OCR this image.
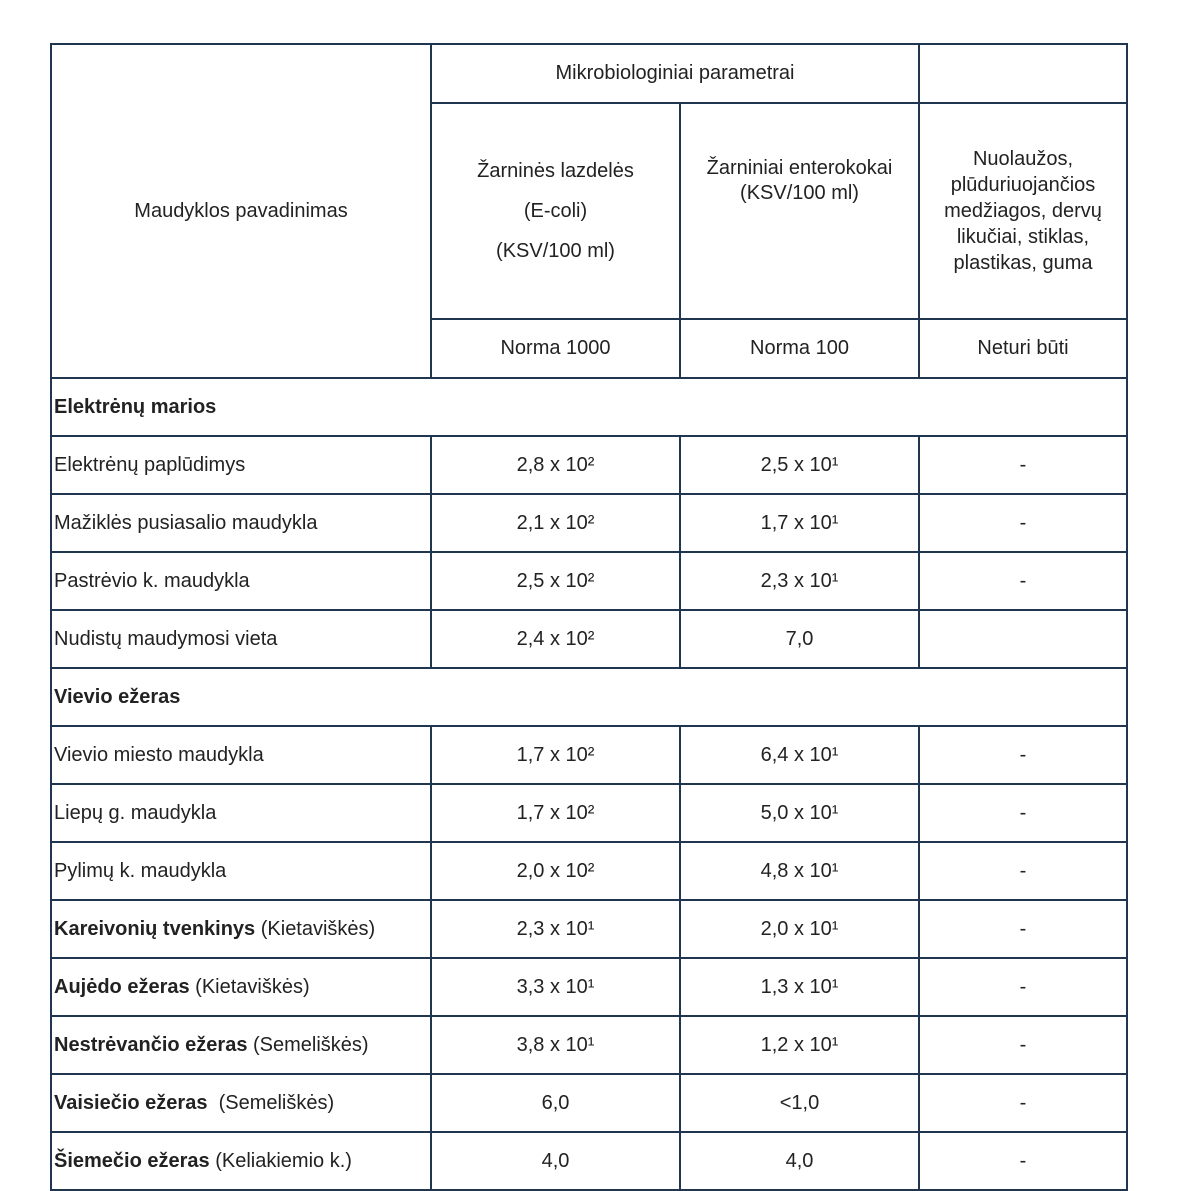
Maudyklos pavadinimas	Mikrobiologiniai parametrai		

	Žarninės lazdelės
(E-coli)
(KSV/100 ml)	Žarniniai enterokokai
(KSV/100 ml)	Nuolaužos,
plūduriuojančios
medžiagos, dervų
likučiai, stiklas,
plastikas, guma

	Norma 1000	Norma 100	Neturi būti
Elektrėnų marios			
Elektrėnų paplūdimys	2,8 x 10²	2,5 x 10¹	-
Mažiklės pusiasalio maudykla	2,1 x 10²	1,7 x 10¹	-
Pastrėvio k. maudykla	2,5 x 10²	2,3 x 10¹	-
Nudistų maudymosi vieta	2,4 x 10²	7,0	
Vievio ežeras			
Vievio miesto maudykla	1,7 x 10²	6,4 x 10¹	-
Liepų g. maudykla	1,7 x 10²	5,0 x 10¹	-
Pylimų k. maudykla	2,0 x 10²	4,8 x 10¹	-
Kareivonių tvenkinys (Kietaviškės)	2,3 x 10¹	2,0 x 10¹	-
Aujėdo ežeras (Kietaviškės)	3,3 x 10¹	1,3 x 10¹	-
Nestrėvančio ežeras (Semeliškės)	3,8 x 10¹	1,2 x 10¹	-
Vaisiečio ežeras  (Semeliškės)	6,0	<1,0	-
Šiemečio ežeras (Keliakiemio k.)	4,0	4,0	-
